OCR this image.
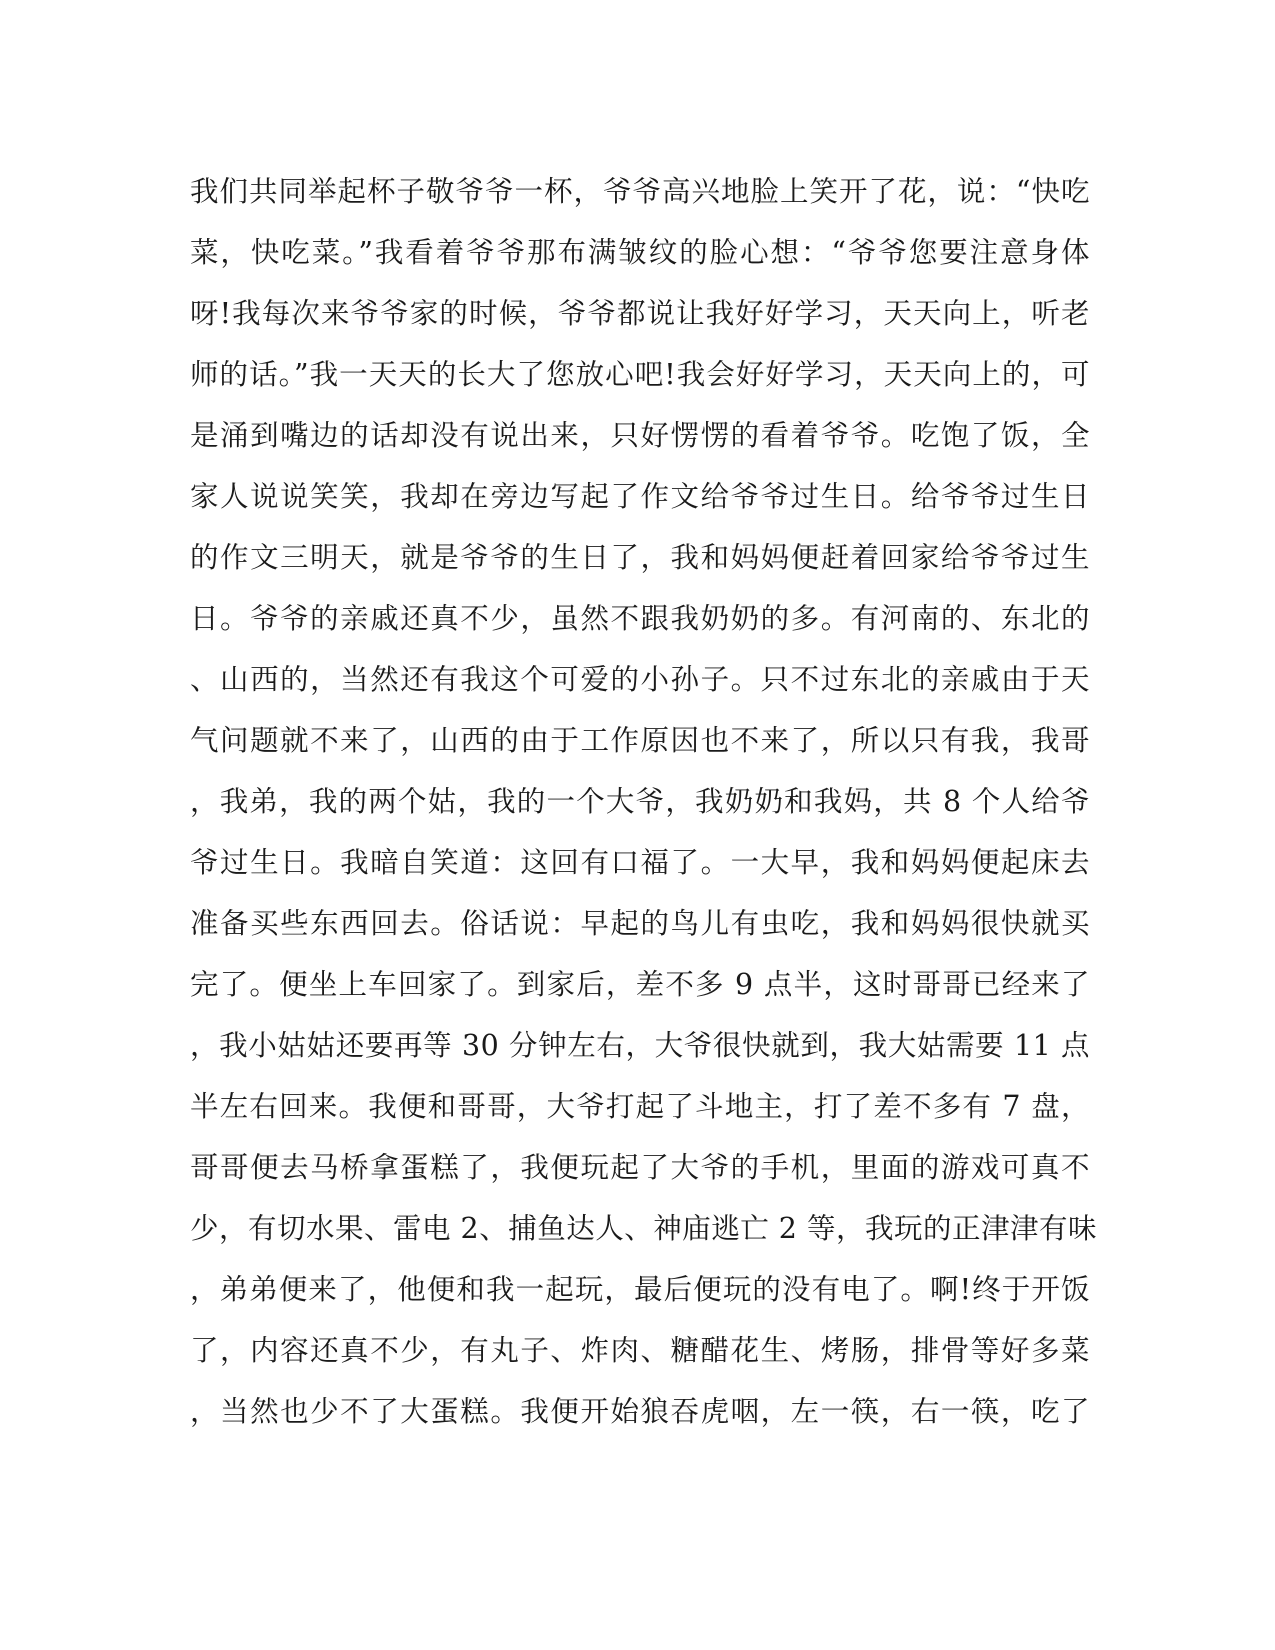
我们共同举起杯子敬爷爷一杯，爷爷高兴地脸上笑开了花，说：“快吃
菜，快吃菜。”我看着爷爷那布满皱纹的脸心想：“爷爷您要注意身体
呀!我每次来爷爷家的时候，爷爷都说让我好好学习，天天向上，听老
师的话。”我一天天的长大了您放心吧!我会好好学习，天天向上的，可
是涌到嘴边的话却没有说出来，只好愣愣的看着爷爷。吃饱了饭，全
家人说说笑笑，我却在旁边写起了作文给爷爷过生日。给爷爷过生日
的作文三明天，就是爷爷的生日了，我和妈妈便赶着回家给爷爷过生
日。爷爷的亲戚还真不少，虽然不跟我奶奶的多。有河南的、东北的
、山西的，当然还有我这个可爱的小孙子。只不过东北的亲戚由于天
气问题就不来了，山西的由于工作原因也不来了，所以只有我，我哥
，我弟，我的两个姑，我的一个大爷，我奶奶和我妈，共 8 个人给爷
爷过生日。我暗自笑道：这回有口福了。一大早，我和妈妈便起床去
准备买些东西回去。俗话说：早起的鸟儿有虫吃，我和妈妈很快就买
完了。便坐上车回家了。到家后，差不多 9 点半，这时哥哥已经来了
，我小姑姑还要再等 30 分钟左右，大爷很快就到，我大姑需要 11 点
半左右回来。我便和哥哥，大爷打起了斗地主，打了差不多有 7 盘，
哥哥便去马桥拿蛋糕了，我便玩起了大爷的手机，里面的游戏可真不
少，有切水果、雷电 2、捕鱼达人、神庙逃亡 2 等，我玩的正津津有味
，弟弟便来了，他便和我一起玩，最后便玩的没有电了。啊!终于开饭
了，内容还真不少，有丸子、炸肉、糖醋花生、烤肠，排骨等好多菜
，当然也少不了大蛋糕。我便开始狼吞虎咽，左一筷，右一筷，吃了
